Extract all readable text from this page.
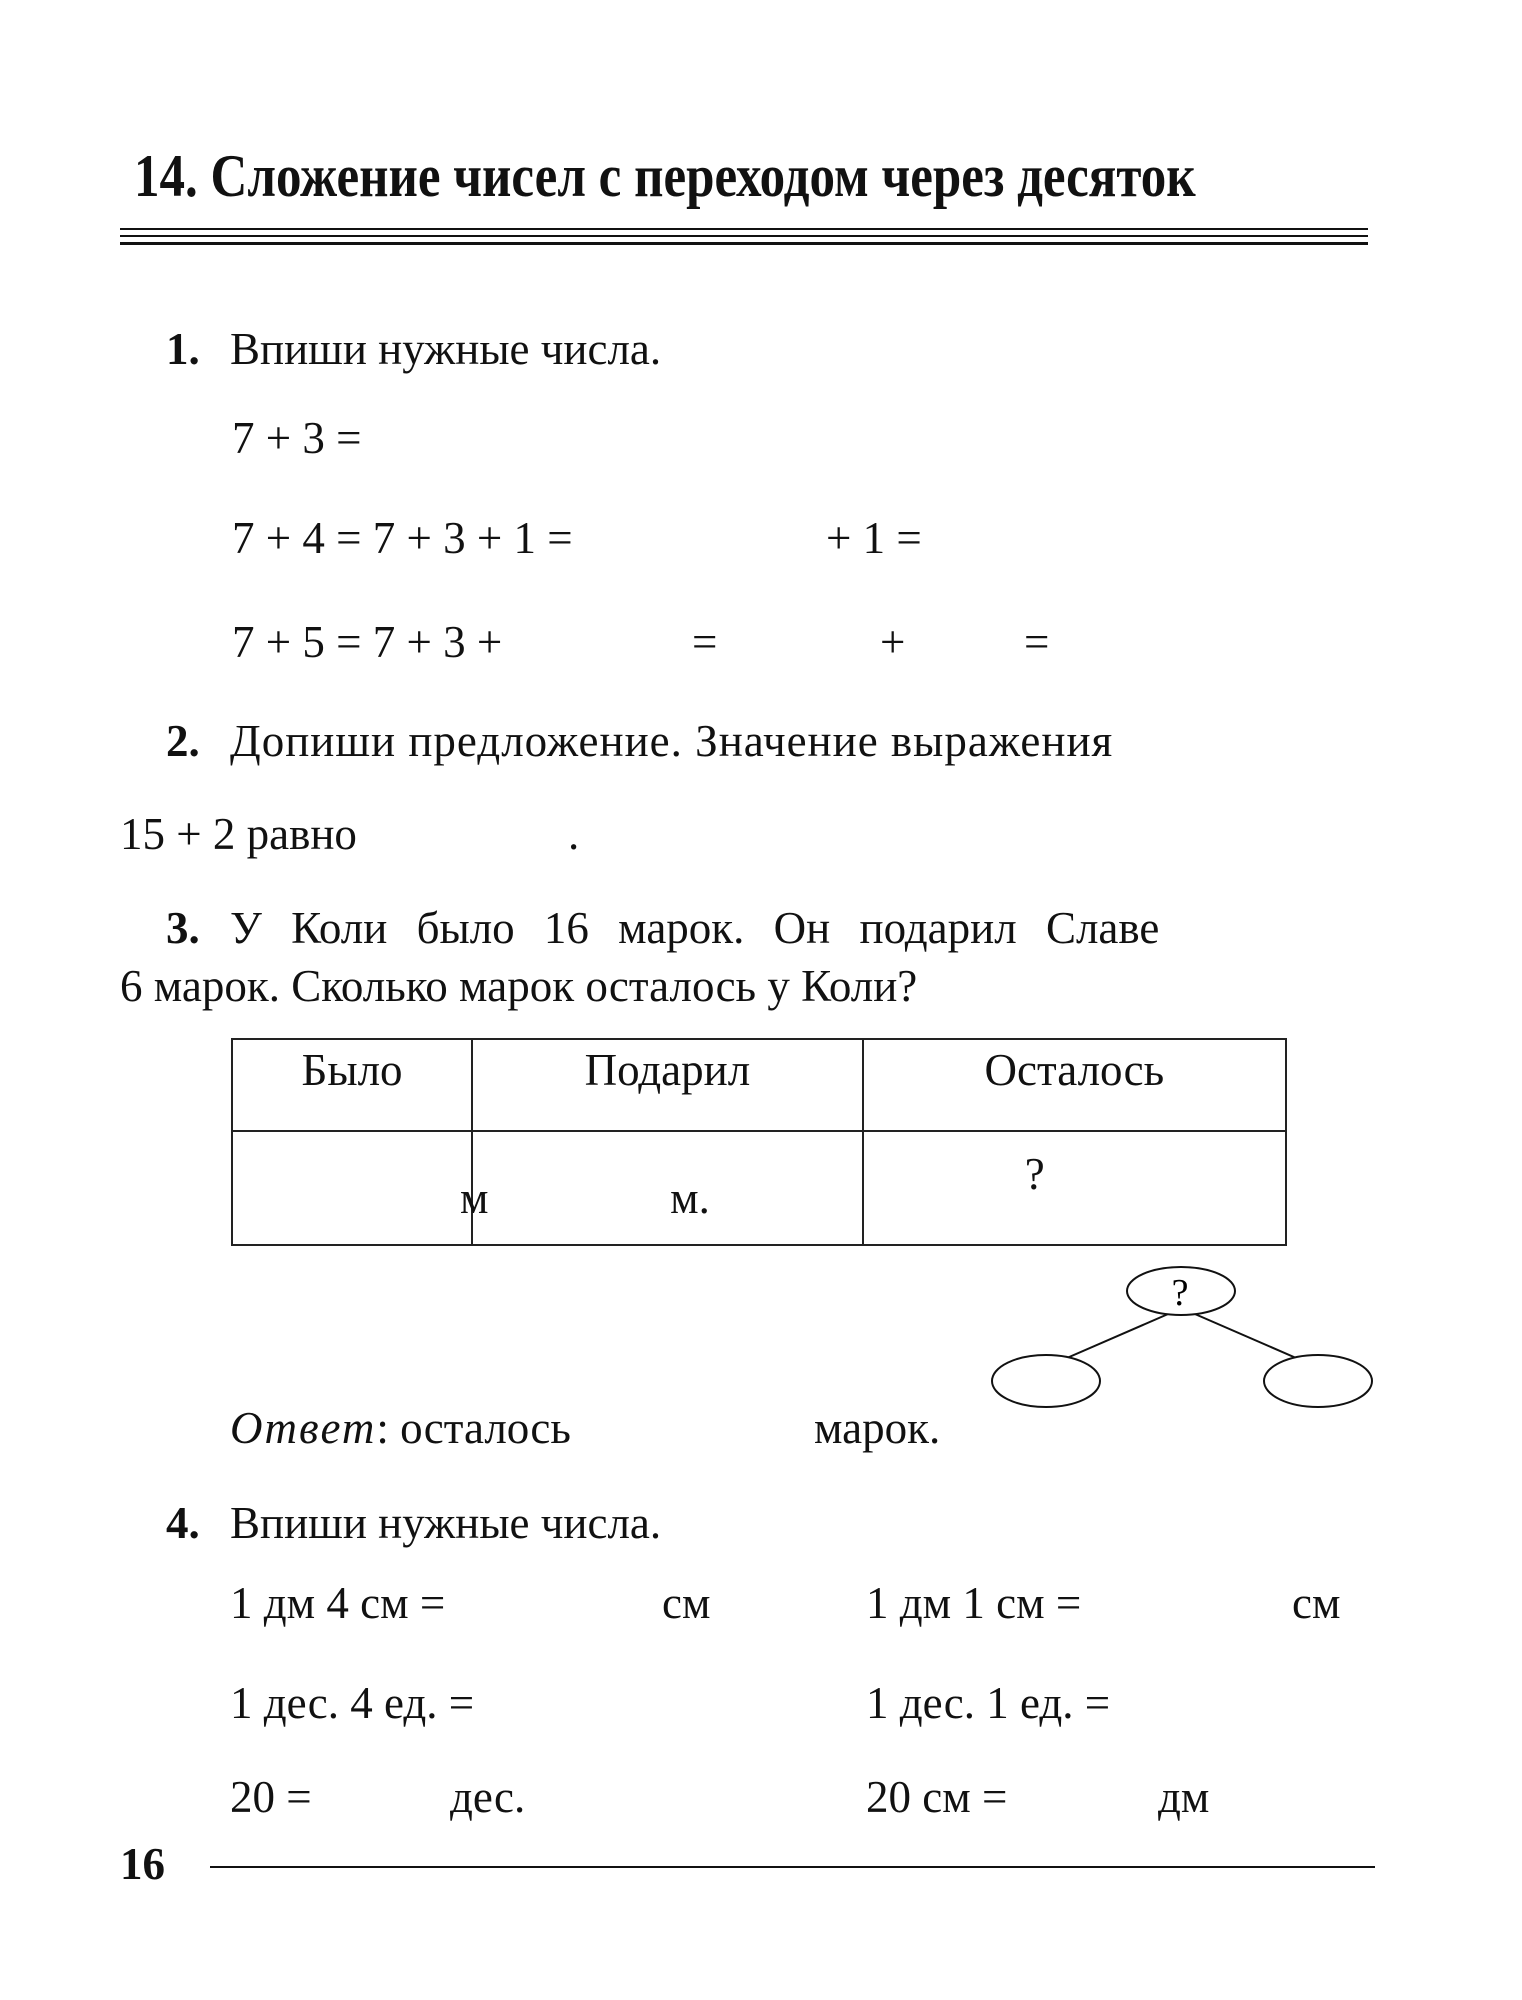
14. Сложение чисел с переходом через десяток
1. Впиши нужные числа.
7 + 3 =
7 + 4 = 7 + 3 + 1 =	+ 1 =
7 + 5 = 7 + 3 +	=	+	=
2. Допиши предложение. Значение выражения
15 + 2 равно	.
3. У Коли было 16 марок. Он подарил Славе
6 марок. Сколько марок осталось у Коли?
Было	Подарил	Осталось

м	м.	?
?
Ответ: осталось	марок.
4. Впиши нужные числа.
1 дм 4 см =	см	1 дм 1 см =	см
1 дес. 4 ед. =	1 дес. 1 ед. =
20 =	дес.	20 см =	дм
16
